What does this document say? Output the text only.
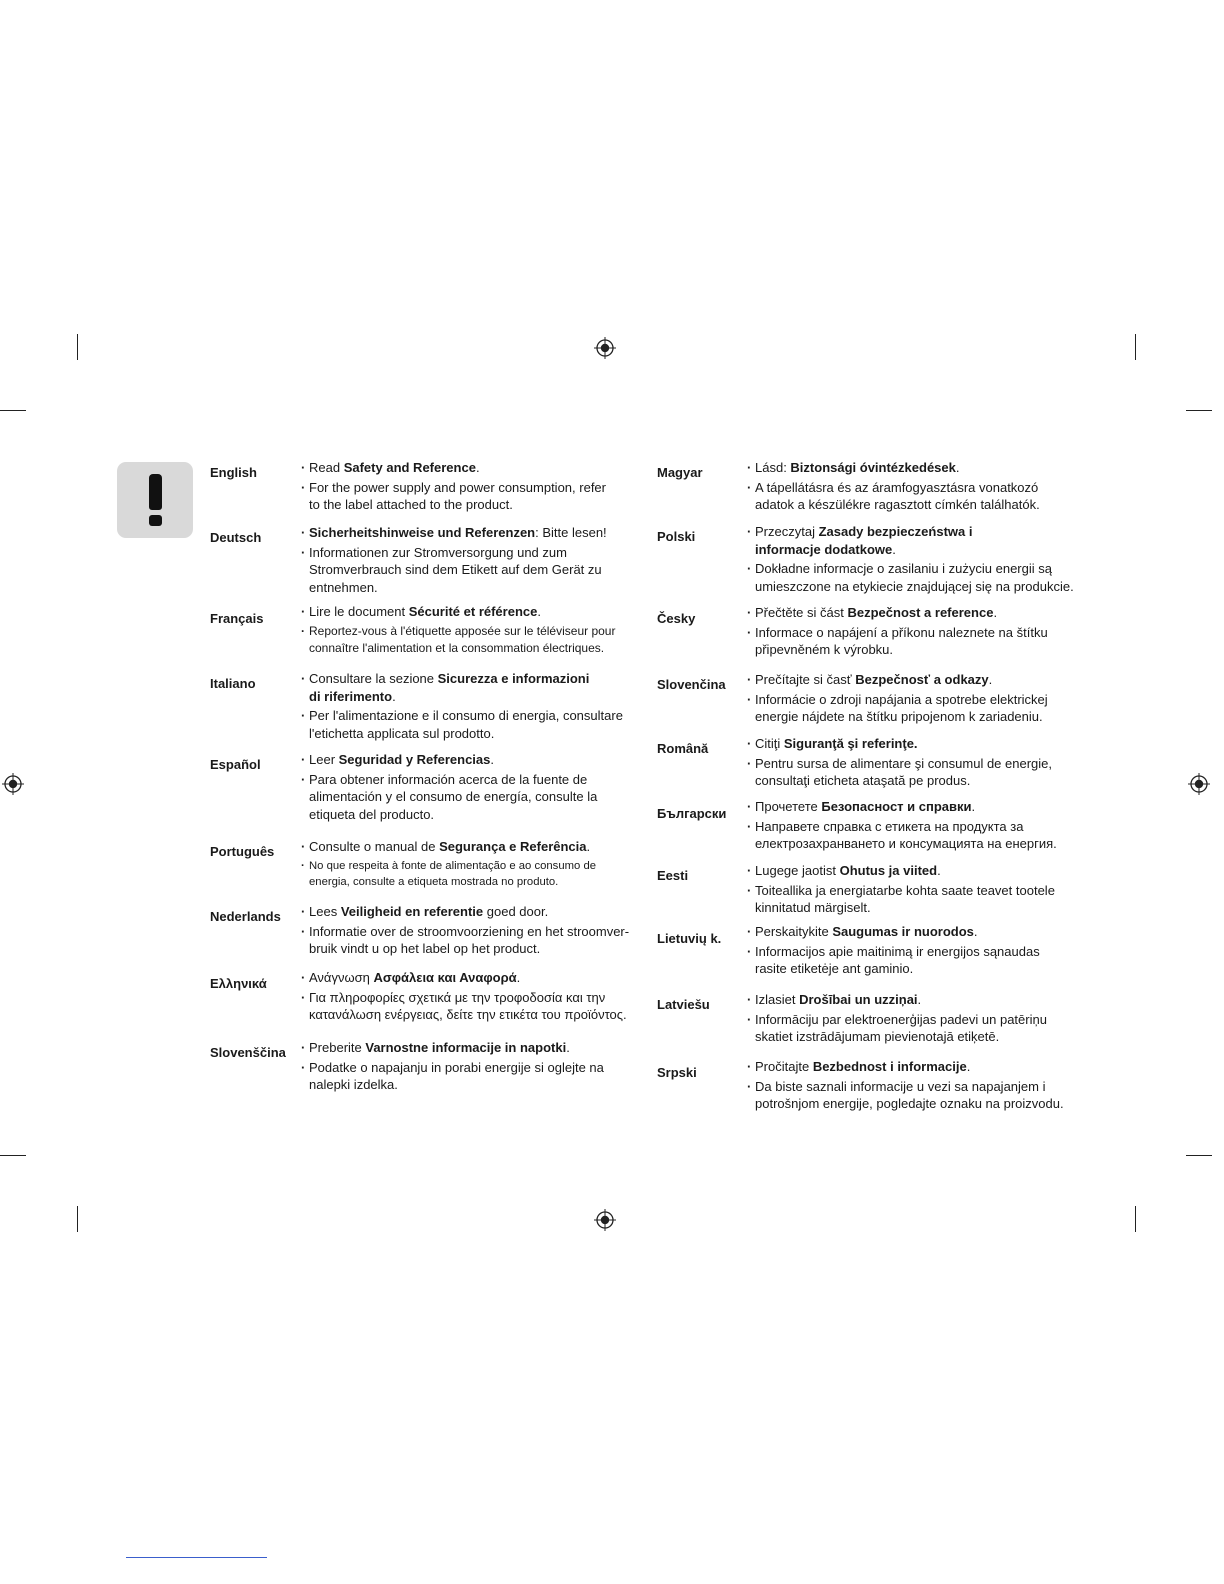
English	· Read Safety and Reference.
· For the power supply and power consumption, refer
to the label attached to the product.
Deutsch	· Sicherheitshinweise und Referenzen: Bitte lesen!
· Informationen zur Stromversorgung und zum
Stromverbrauch sind dem Etikett auf dem Gerät zu
entnehmen.
Français	· Lire le document Sécurité et référence.
· Reportez-vous à l'étiquette apposée sur le téléviseur pour
connaître l'alimentation et la consommation électriques.
Italiano	· Consultare la sezione Sicurezza e informazioni
di riferimento.
· Per l'alimentazione e il consumo di energia, consultare
l'etichetta applicata sul prodotto.
Español	· Leer Seguridad y Referencias.
· Para obtener información acerca de la fuente de
alimentación y el consumo de energía, consulte la
etiqueta del producto.
Português	· Consulte o manual de Segurança e Referência.
· No que respeita à fonte de alimentação e ao consumo de
energia, consulte a etiqueta mostrada no produto.
Nederlands	· Lees Veiligheid en referentie goed door.
· Informatie over de stroomvoorziening en het stroomver-
bruik vindt u op het label op het product.
Ελληνικά	· Ανάγνωση Ασφάλεια και Αναφορά.
· Για πληροφορίες σχετικά με την τροφοδοσία και την
κατανάλωση ενέργειας, δείτε την ετικέτα του προϊόντος.
Slovenščina	· Preberite Varnostne informacije in napotki.
· Podatke o napajanju in porabi energije si oglejte na
nalepki izdelka.
Magyar	· Lásd: Biztonsági óvintézkedések.
· A tápellátásra és az áramfogyasztásra vonatkozó
adatok a készülékre ragasztott címkén találhatók.
Polski	· Przeczytaj Zasady bezpieczeństwa i
informacje dodatkowe.
· Dokładne informacje o zasilaniu i zużyciu energii są
umieszczone na etykiecie znajdującej się na produkcie.
Česky	· Přečtěte si část Bezpečnost a reference.
· Informace o napájení a příkonu naleznete na štítku
připevněném k výrobku.
Slovenčina	· Prečítajte si časť Bezpečnosť a odkazy.
· Informácie o zdroji napájania a spotrebe elektrickej
energie nájdete na štítku pripojenom k zariadeniu.
Română	· Citiţi Siguranţă şi referinţe.
· Pentru sursa de alimentare şi consumul de energie,
consultaţi eticheta ataşată pe produs.
Български	· Прочетете Безопасност и справки.
· Направете справка с етикета на продукта за
електрозахранването и консумацията на енергия.
Eesti	· Lugege jaotist Ohutus ja viited.
· Toiteallika ja energiatarbe kohta saate teavet tootele
kinnitatud märgiselt.
Lietuvių k.	· Perskaitykite Saugumas ir nuorodos.
· Informacijos apie maitinimą ir energijos sąnaudas
rasite etiketėje ant gaminio.
Latviešu	· Izlasiet Drošībai un uzziņai.
· Informāciju par elektroenerģijas padevi un patēriņu
skatiet izstrādājumam pievienotajā etiķetē.
Srpski	· Pročitajte Bezbednost i informacije.
· Da biste saznali informacije u vezi sa napajanjem i
potrošnjom energije, pogledajte oznaku na proizvodu.
